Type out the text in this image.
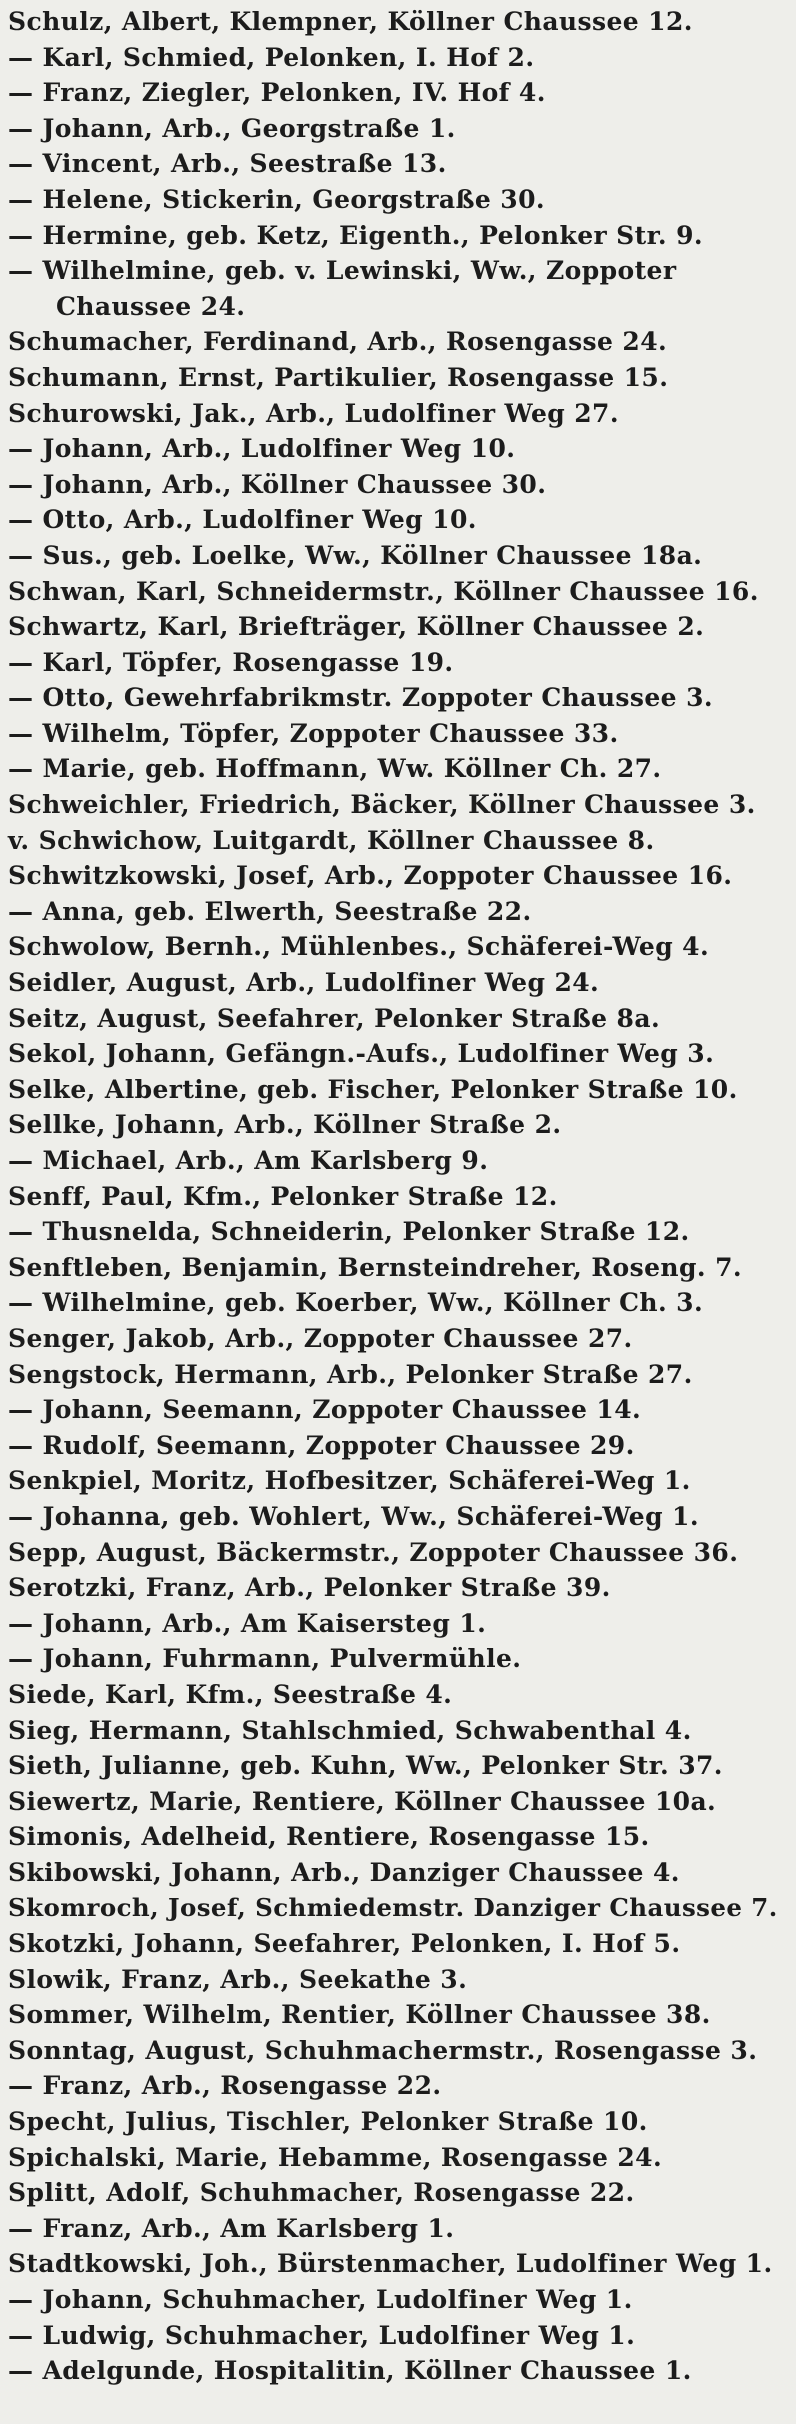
Schulz, Albert, Klempner, Köllner Chaussee 12.
— Karl, Schmied, Pelonken, I. Hof 2.
— Franz, Ziegler, Pelonken, IV. Hof 4.
— Johann, Arb., Georgstraße 1.
— Vincent, Arb., Seestraße 13.
— Helene, Stickerin, Georgstraße 30.
— Hermine, geb. Ketz, Eigenth., Pelonker Str. 9.
— Wilhelmine, geb. v. Lewinski, Ww., Zoppoter
Chaussee 24.
Schumacher, Ferdinand, Arb., Rosengasse 24.
Schumann, Ernst, Partikulier, Rosengasse 15.
Schurowski, Jak., Arb., Ludolfiner Weg 27.
— Johann, Arb., Ludolfiner Weg 10.
— Johann, Arb., Köllner Chaussee 30.
— Otto, Arb., Ludolfiner Weg 10.
— Sus., geb. Loelke, Ww., Köllner Chaussee 18a.
Schwan, Karl, Schneidermstr., Köllner Chaussee 16.
Schwartz, Karl, Briefträger, Köllner Chaussee 2.
— Karl, Töpfer, Rosengasse 19.
— Otto, Gewehrfabrikmstr. Zoppoter Chaussee 3.
— Wilhelm, Töpfer, Zoppoter Chaussee 33.
— Marie, geb. Hoffmann, Ww. Köllner Ch. 27.
Schweichler, Friedrich, Bäcker, Köllner Chaussee 3.
v. Schwichow, Luitgardt, Köllner Chaussee 8.
Schwitzkowski, Josef, Arb., Zoppoter Chaussee 16.
— Anna, geb. Elwerth, Seestraße 22.
Schwolow, Bernh., Mühlenbes., Schäferei-Weg 4.
Seidler, August, Arb., Ludolfiner Weg 24.
Seitz, August, Seefahrer, Pelonker Straße 8a.
Sekol, Johann, Gefängn.-Aufs., Ludolfiner Weg 3.
Selke, Albertine, geb. Fischer, Pelonker Straße 10.
Sellke, Johann, Arb., Köllner Straße 2.
— Michael, Arb., Am Karlsberg 9.
Senff, Paul, Kfm., Pelonker Straße 12.
— Thusnelda, Schneiderin, Pelonker Straße 12.
Senftleben, Benjamin, Bernsteindreher, Roseng. 7.
— Wilhelmine, geb. Koerber, Ww., Köllner Ch. 3.
Senger, Jakob, Arb., Zoppoter Chaussee 27.
Sengstock, Hermann, Arb., Pelonker Straße 27.
— Johann, Seemann, Zoppoter Chaussee 14.
— Rudolf, Seemann, Zoppoter Chaussee 29.
Senkpiel, Moritz, Hofbesitzer, Schäferei-Weg 1.
— Johanna, geb. Wohlert, Ww., Schäferei-Weg 1.
Sepp, August, Bäckermstr., Zoppoter Chaussee 36.
Serotzki, Franz, Arb., Pelonker Straße 39.
— Johann, Arb., Am Kaisersteg 1.
— Johann, Fuhrmann, Pulvermühle.
Siede, Karl, Kfm., Seestraße 4.
Sieg, Hermann, Stahlschmied, Schwabenthal 4.
Sieth, Julianne, geb. Kuhn, Ww., Pelonker Str. 37.
Siewertz, Marie, Rentiere, Köllner Chaussee 10a.
Simonis, Adelheid, Rentiere, Rosengasse 15.
Skibowski, Johann, Arb., Danziger Chaussee 4.
Skomroch, Josef, Schmiedemstr. Danziger Chaussee 7.
Skotzki, Johann, Seefahrer, Pelonken, I. Hof 5.
Slowik, Franz, Arb., Seekathe 3.
Sommer, Wilhelm, Rentier, Köllner Chaussee 38.
Sonntag, August, Schuhmachermstr., Rosengasse 3.
— Franz, Arb., Rosengasse 22.
Specht, Julius, Tischler, Pelonker Straße 10.
Spichalski, Marie, Hebamme, Rosengasse 24.
Splitt, Adolf, Schuhmacher, Rosengasse 22.
— Franz, Arb., Am Karlsberg 1.
Stadtkowski, Joh., Bürstenmacher, Ludolfiner Weg 1.
— Johann, Schuhmacher, Ludolfiner Weg 1.
— Ludwig, Schuhmacher, Ludolfiner Weg 1.
— Adelgunde, Hospitalitin, Köllner Chaussee 1.
